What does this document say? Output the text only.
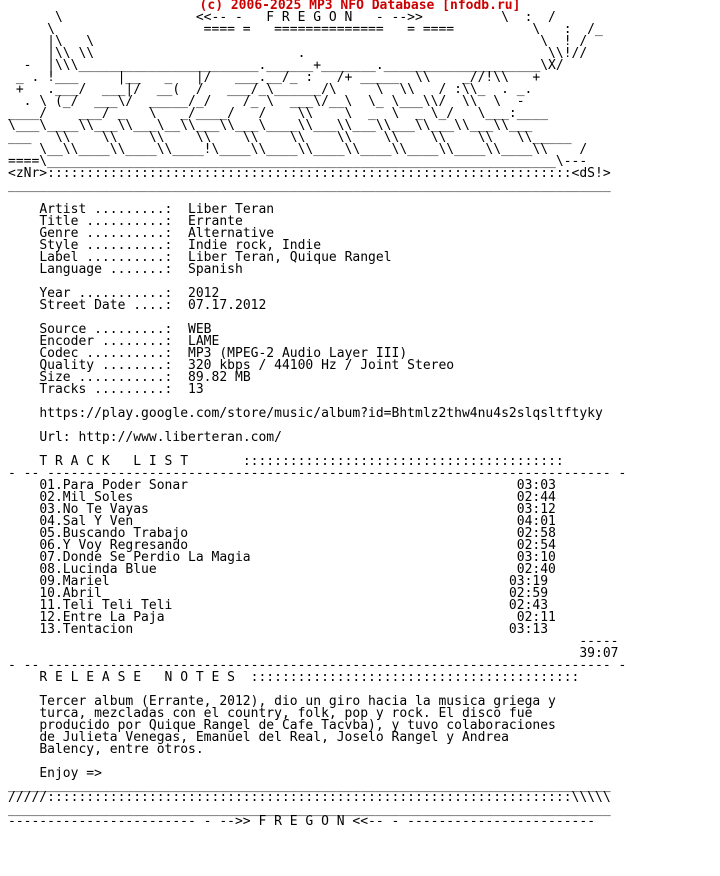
(c) 2006-2025 MP3 NFO Database [nfodb.ru]
\                 <<-- -   F R E G O N   - -->>          \  :  /
\                   ==== =   ==============   = ====          \   :  /_
|\   \                                                         \  ! /
|\\ \\                          .                               \\!//
-  |\\\_______________________.______+_______.____________________\X/
_ . !___     |__   _   |/   ___.__/_ :   /+ _____  \\    _//!\\   +
+   .___/  ___|/  __(  /   ___/_\______/\     \  \\   / :\\_  . _.
. \ (_/  ___\/  _____/_/    /_ \  ___\/__\  \_ \___\\/  \\  \  -
____/    ___/ _   \   _/____/   /    \\    \  _  \  _ \_/   \___:____
\___\____\\___\\___\__\\___\\___\____\\___\\___\\___\\___\\___\\___
___   \\    \\    \\    \\    \\    \\    \\    \\    \\    \\   \\_____
\__\\____\\____\\____!\____\\____\\____\\____\\____\\____\\____\\    /
====\_________________________________________________________________\---
<zNr>:::::::::::::::::::::::::::::::::::::::::::::::::::::::::::::::::::<dS!>
_____________________________________________________________________________

Artist .........: Liber Teran
Title ..........: Errante
Genre ..........: Alternative
Style ..........: Indie rock, Indie
Label ..........: Liber Teran, Quique Rangel
Language .......: Spanish

Year ...........: 2012
Street Date ....: 07.17.2012

Source .........: WEB
Encoder ........: LAME
Codec ..........: MP3 (MPEG-2 Audio Layer III)
Quality ........: 320 kbps / 44100 Hz / Joint Stereo
Size ...........: 89.82 MB
Tracks .........: 13

https://play.google.com/store/music/album?id=Bhtmlz2thw4nu4s2slqsltftyky

Url: http://www.liberteran.com/

T R A C K   L I S T	:::::::::::::::::::::::::::::::::::::::::
- -- ------------------------------------------------------------------------ -
01.Para Poder Sonar	03:03
02.Mil Soles	02:44
03.No Te Vayas	03:12
04.Sal Y Ven	04:01
05.Buscando Trabajo	02:58
06.Y Voy Regresando	02:54
07.Donde Se Perdio La Magia	03:10
08.Lucinda Blue	02:40
09.Mariel	03:19
10.Abril	02:59
11.Teli Teli Teli	02:43
12.Entre La Paja	02:11
13.Tentacion	03:13
-----
39:07
- -- ------------------------------------------------------------------------ -
R E L E A S E   N O T E S ::::::::::::::::::::::::::::::::::::::::::

Tercer album (Errante, 2012), dio un giro hacia la musica griega y
turca, mezcladas con el country, folk, pop y rock. El disco fue
producido por Quique Rangel de Cafe Tacvba), y tuvo colaboraciones
de Julieta Venegas, Emanuel del Real, Joselo Rangel y Andrea
Balency, entre otros.

Enjoy =>
_____________________________________________________________________________
/////:::::::::::::::::::::::::::::::::::::::::::::::::::::::::::::::::::\\\\\
_____________________________________________________________________________
------------------------ - -->> F R E G O N <<-- - ------------------------
